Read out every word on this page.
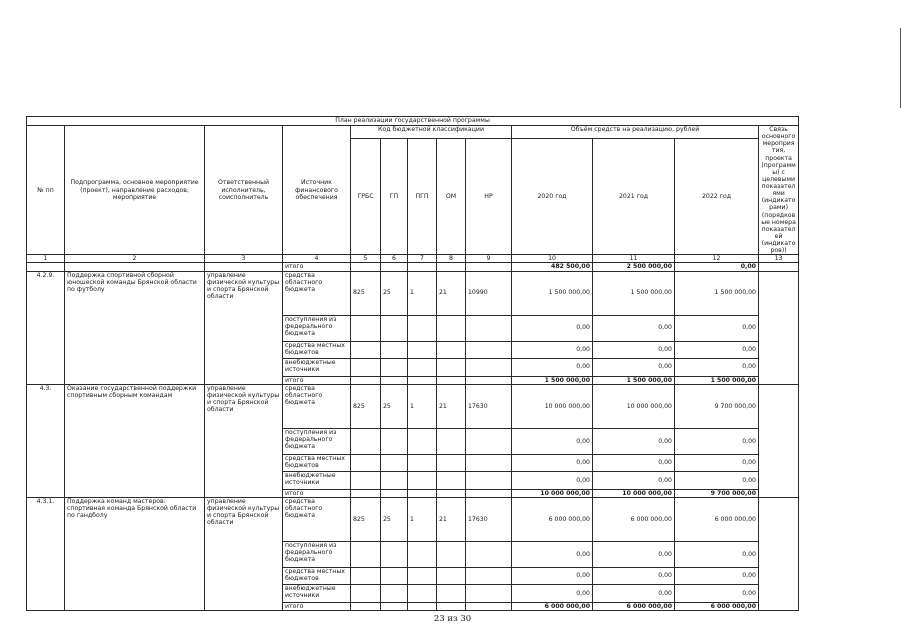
План реализации государственной программы												
№ пп	Подпрограмма, основное мероприятие (проект), направление расходов, мероприятие	Ответственный исполнитель, соисполнитель	Источник финансового обеспечения	Код бюджетной классификации					Объём средств на реализацию, рублей			Связь основного мероприятия, проекта (программы) с целевыми показателями (индикаторами) (порядковые номера показателей (индикаторов))
				ГРБС	ГП	ПГП	ОМ	НР	2020 год	2021 год	2022 год	
1	2	3	4	5	6	7	8	9	10	11	12	13
			итого						482 500,00	2 500 000,00	0,00	
4.2.9.	Поддержка спортивной сборной юношеской команды Брянской области по футболу	управление физической культуры и спорта Брянской области	средства областного бюджета	825	25	1	21	10990	1 500 000,00	1 500 000,00	1 500 000,00	
			поступления из федерального бюджета						0,00	0,00	0,00	
			средства местных бюджетов						0,00	0,00	0,00	
			внебюджетные источники						0,00	0,00	0,00	
			итого						1 500 000,00	1 500 000,00	1 500 000,00	
4.3.	Оказание государственной поддержки спортивным сборным командам	управление физической культуры и спорта Брянской области	средства областного бюджета	825	25	1	21	17630	10 000 000,00	10 000 000,00	9 700 000,00	
			поступления из федерального бюджета						0,00	0,00	0,00	
			средства местных бюджетов						0,00	0,00	0,00	
			внебюджетные источники						0,00	0,00	0,00	
			итого						10 000 000,00	10 000 000,00	9 700 000,00	
4.3.1.	Поддержка команд мастеров: спортивная команда Брянской области по гандболу	управление физической культуры и спорта Брянской области	средства областного бюджета	825	25	1	21	17630	6 000 000,00	6 000 000,00	6 000 000,00	
			поступления из федерального бюджета						0,00	0,00	0,00	
			средства местных бюджетов						0,00	0,00	0,00	
			внебюджетные источники						0,00	0,00	0,00	
			итого						6 000 000,00	6 000 000,00	6 000 000,00	
23 из 30
